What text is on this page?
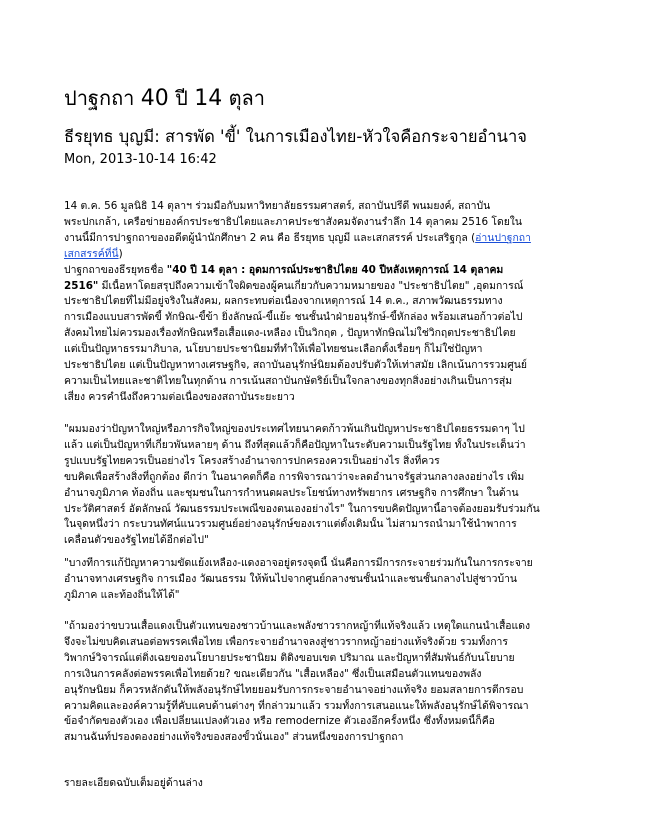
ปาฐกถา 40 ปี 14 ตุลา
ธีรยุทธ บุญมี: สารพัด 'ขี้' ในการเมืองไทย-หัวใจคือกระจายอำนาจ
Mon, 2013-10-14 16:42
14 ต.ค. 56 มูลนิธิ 14 ตุลาฯ ร่วมมือกับมหาวิทยาลัยธรรมศาสตร์, สถาบันปรีดี พนมยงค์, สถาบัน
พระปกเกล้า, เครือข่ายองค์กรประชาธิปไตยและภาคประชาสังคมจัดงานรำลึก 14 ตุลาคม 2516 โดยใน
งานนี้มีการปาฐกถาของอดีตผู้นำนักศึกษา 2 คน คือ ธีรยุทธ บุญมี และเสกสรรค์ ประเสริฐกุล (อ่านปาฐกถา
เสกสรรค์ที่นี่)
ปาฐกถาของธีรยุทธชื่อ "40 ปี 14 ตุลา : อุดมการณ์ประชาธิปไตย 40 ปีหลังเหตุการณ์ 14 ตุลาคม
2516" มีเนื้อหาโดยสรุปถึงความเข้าใจผิดของผู้คนเกี่ยวกับความหมายของ "ประชาธิปไตย" ,อุดมการณ์
ประชาธิปไตยที่ไม่มีอยู่จริงในสังคม, ผลกระทบต่อเนื่องจากเหตุการณ์ 14 ต.ค., สภาพวัฒนธรรมทาง
การเมืองแบบสารพัดขี้ ทักษิณ-ขี้ข้า ยิ่งลักษณ์-ขี้แย้ะ ชนชั้นนำฝ่ายอนุรักษ์-ขี้หักล่อง พร้อมเสนอก้าวต่อไป
สังคมไทยไม่ควรมองเรื่องทักษิณหรือเสื้อแดง-เหลือง เป็นวิกฤต , ปัญหาทักษิณไม่ใช่วิกฤตประชาธิปไตย
แต่เป็นปัญหาธรรมาภิบาล, นโยบายประชานิยมที่ทำให้เพื่อไทยชนะเลือกตั้งเรื่อยๆ ก็ไม่ใช่ปัญหา
ประชาธิปไตย แต่เป็นปัญหาทางเศรษฐกิจ, สถาบันอนุรักษ์นิยมต้องปรับตัวให้เท่าสมัย เลิกเน้นการรวมศูนย์
ความเป็นไทยและชาติไทยในทุกด้าน การเน้นสถาบันกษัตริย์เป็นใจกลางของทุกสิ่งอย่างเกินเป็นการสุ่ม
เสี่ยง ควรคำนึงถึงความต่อเนื่องของสถาบันระยะยาว
"ผมมองว่าปัญหาใหญ่หรือภารกิจใหญ่ของประเทศไทยนาคตก้าวพ้นเกินปัญหาประชาธิปไตยธรรมดาๆ ไป
แล้ว แต่เป็นปัญหาที่เกี่ยวพันหลายๆ ด้าน ถึงที่สุดแล้วก็คือปัญหาในระดับความเป็นรัฐไทย ทั้งในประเด็นว่า
รูปแบบรัฐไทยควรเป็นอย่างไร โครงสร้างอำนาจการปกครองควรเป็นอย่างไร สิ่งที่ควร
ขบคิดเพื่อสร้างสิ่งที่ถูกต้อง ดีกว่า ในอนาคตก็คือ การพิจารณาว่าจะลดอำนาจรัฐส่วนกลางลงอย่างไร เพิ่ม
อำนาจภูมิภาค ท้องถิ่น และชุมชนในการกำหนดผลประโยชน์ทางทรัพยากร เศรษฐกิจ การศึกษา ในด้าน
ประวัติศาสตร์ อัตลักษณ์ วัฒนธรรมประเพณีของตนเองอย่างไร" ในการขบคิดปัญหานี้อาจต้องยอมรับร่วมกัน
ในจุดหนึ่งว่า กระบวนทัศน์แนวรวมศูนย์อย่างอนุรักษ์ของเราแต่ดั้งเดิมนั้น ไม่สามารถนำมาใช้นำพาการ
เคลื่อนตัวของรัฐไทยได้อีกต่อไป"
"บางทีการแก้ปัญหาความขัดแย้งเหลือง-แดงอาจอยู่ตรงจุดนี้ นั่นคือการมีการกระจายร่วมกันในการกระจาย
อำนาจทางเศรษฐกิจ การเมือง วัฒนธรรม ให้พ้นไปจากศูนย์กลางชนชั้นนำและชนชั้นกลางไปสู่ชาวบ้าน
ภูมิภาค และท้องถิ่นให้ได้"
"ถ้ามองว่าขบวนเสื้อแดงเป็นตัวแทนของชาวบ้านและพลังชาวรากหญ้าที่แท้จริงแล้ว เหตุใดแกนนำเสื้อแดง
จึงจะไม่ขบคิดเสนอต่อพรรคเพื่อไทย เพื่อกระจายอำนาจลงสู่ชาวรากหญ้าอย่างแท้จริงด้วย รวมทั้งการ
วิพากษ์วิจารณ์แต่ติ่งเฉยของนโยบายประชานิยม ติดิงขอบเขต ปริมาณ และปัญหาที่สัมพันธ์กับนโยบาย
การเงินการคลังต่อพรรคเพื่อไทยด้วย? ขณะเดียวกัน "เสื้อเหลือง" ซึ่งเป็นเสมือนตัวแทนของพลัง
อนุรักษนิยม ก็ควรหลักดันให้พลังอนุรักษ์ไทยยอมรับการกระจายอำนาจอย่างแท้จริง ยอมสลายการตีกรอบ
ความคิดและองค์ความรู้ที่คับแคบด้านต่างๆ ที่กล่าวมาแล้ว รวมทั้งการเสนอแนะให้พลังอนุรักษ์ได้พิจารณา
ข้อจำกัดของตัวเอง เพื่อเปลี่ยนแปลงตัวเอง หรือ remodernize ตัวเองอีกครั้งหนึ่ง ซึ่งทั้งหมดนี้ก็คือ
สมานฉันท์ปรองดองอย่างแท้จริงของสองขั้วนั่นเอง" ส่วนหนึ่งของการปาฐกถา
รายละเอียดฉบับเต็มอยู่ด้านล่าง
